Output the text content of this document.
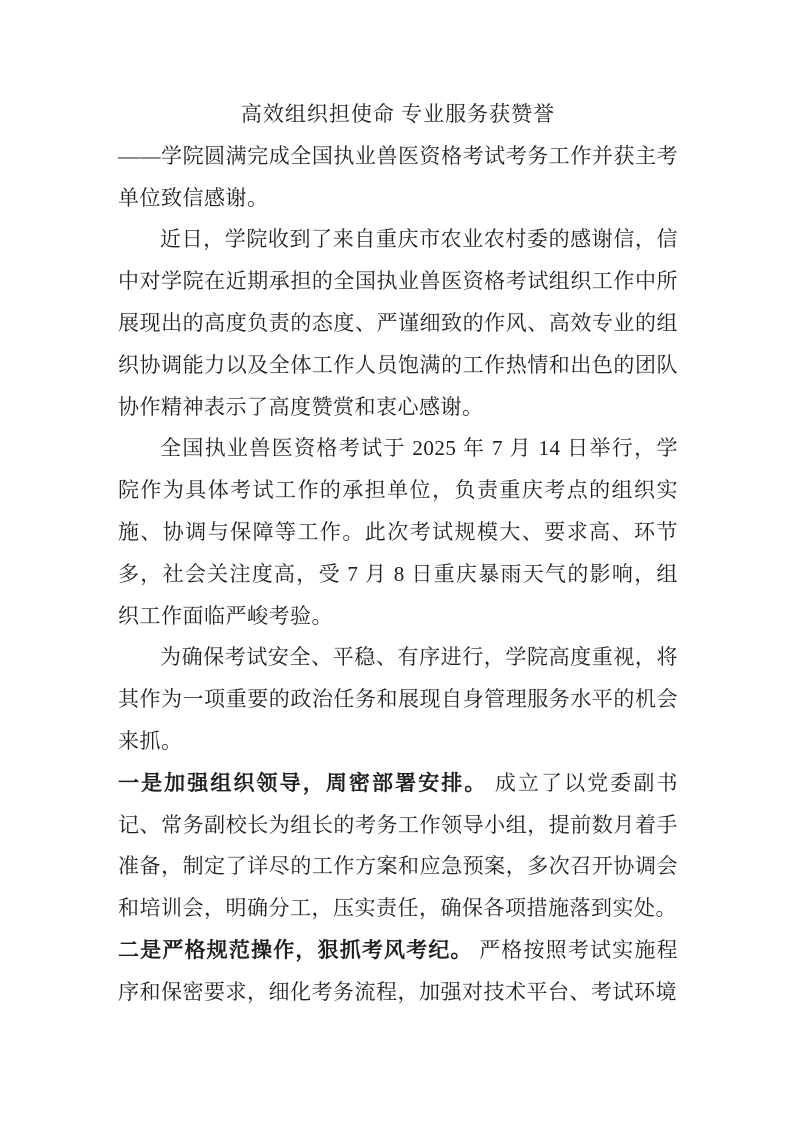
高效组织担使命 专业服务获赞誉

——学院圆满完成全国执业兽医资格考试考务工作并获主考单位致信感谢。

近日，学院收到了来自重庆市农业农村委的感谢信，信中对学院在近期承担的全国执业兽医资格考试组织工作中所展现出的高度负责的态度、严谨细致的作风、高效专业的组织协调能力以及全体工作人员饱满的工作热情和出色的团队协作精神表示了高度赞赏和衷心感谢。

全国执业兽医资格考试于 2025 年 7 月 14 日举行，学院作为具体考试工作的承担单位，负责重庆考点的组织实施、协调与保障等工作。此次考试规模大、要求高、环节多，社会关注度高，受 7 月 8 日重庆暴雨天气的影响，组织工作面临严峻考验。

为确保考试安全、平稳、有序进行，学院高度重视，将其作为一项重要的政治任务和展现自身管理服务水平的机会来抓。

一是加强组织领导，周密部署安排。 成立了以党委副书记、常务副校长为组长的考务工作领导小组，提前数月着手准备，制定了详尽的工作方案和应急预案，多次召开协调会和培训会，明确分工，压实责任，确保各项措施落到实处。

二是严格规范操作，狠抓考风考纪。 严格按照考试实施程序和保密要求，细化考务流程，加强对技术平台、考试环境
